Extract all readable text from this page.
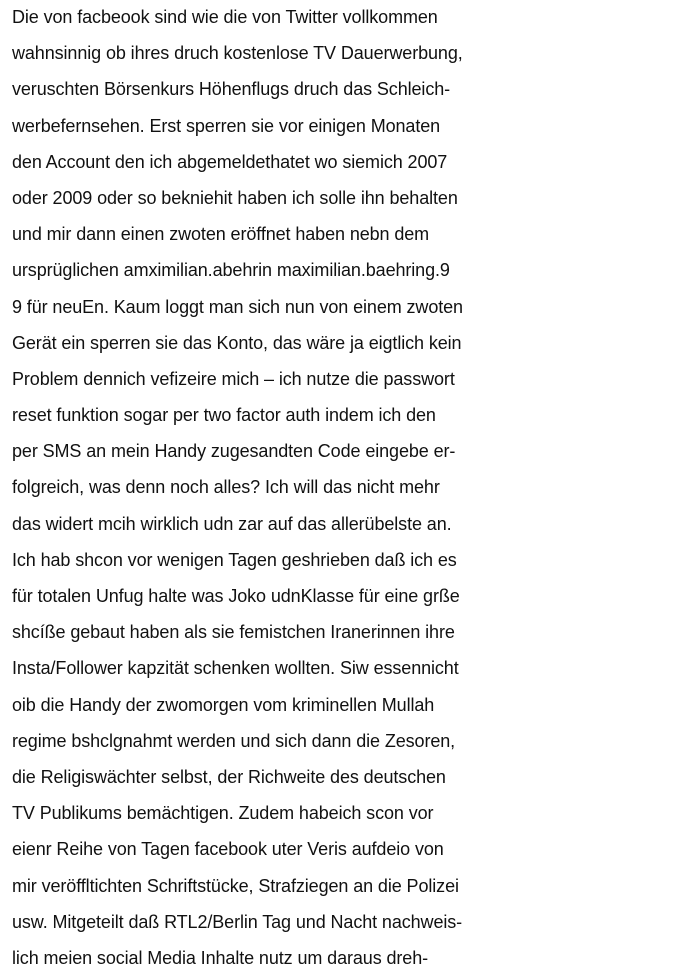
Die von facbeook sind wie die von Twitter vollkommen
wahnsinnig ob ihres druch kostenlose TV Dauerwerbung,
veruschten Börsenkurs Höhenflugs druch das Schleich-
werbefernsehen. Erst sperren sie vor einigen Monaten
den Account den ich abgemeldethatet wo siemich 2007
oder 2009 oder so bekniehit haben ich solle ihn behalten
und mir dann einen zwoten eröffnet haben nebn dem
ursprüglichen amximilian.abehrin maximilian.baehring.9
9 für neuEn. Kaum loggt man sich nun von einem zwoten
Gerät ein sperren sie das Konto, das wäre ja eigtlich kein
Problem dennich vefizeire mich – ich nutze die passwort
reset funktion sogar per two factor auth indem ich den
per SMS an mein Handy zugesandten Code eingebe er-
folgreich, was denn noch alles? Ich will das nicht mehr
das widert mcih wirklich udn zar auf das allerübelste an.
Ich hab shcon vor wenigen Tagen geshrieben daß ich es
für totalen Unfug halte was Joko udnKlasse für eine grße
shcíße gebaut haben als sie femistchen Iranerinnen ihre
Insta/Follower kapzität schenken wollten. Siw essennicht
oib die Handy der zwomorgen vom kriminellen Mullah
regime bshclgnahmt werden und sich dann die Zesoren,
die Religiswächter selbst, der Richweite des deutschen
TV Publikums bemächtigen. Zudem habeich scon vor
eienr Reihe von Tagen facebook uter Veris aufdeio von
mir veröffltichten Schriftstücke, Strafziegen an die Polizei
usw. Mitgeteilt daß RTL2/Berlin Tag und Nacht nachweis-
lich meien social Media Inhalte nutz um daraus dreh-
